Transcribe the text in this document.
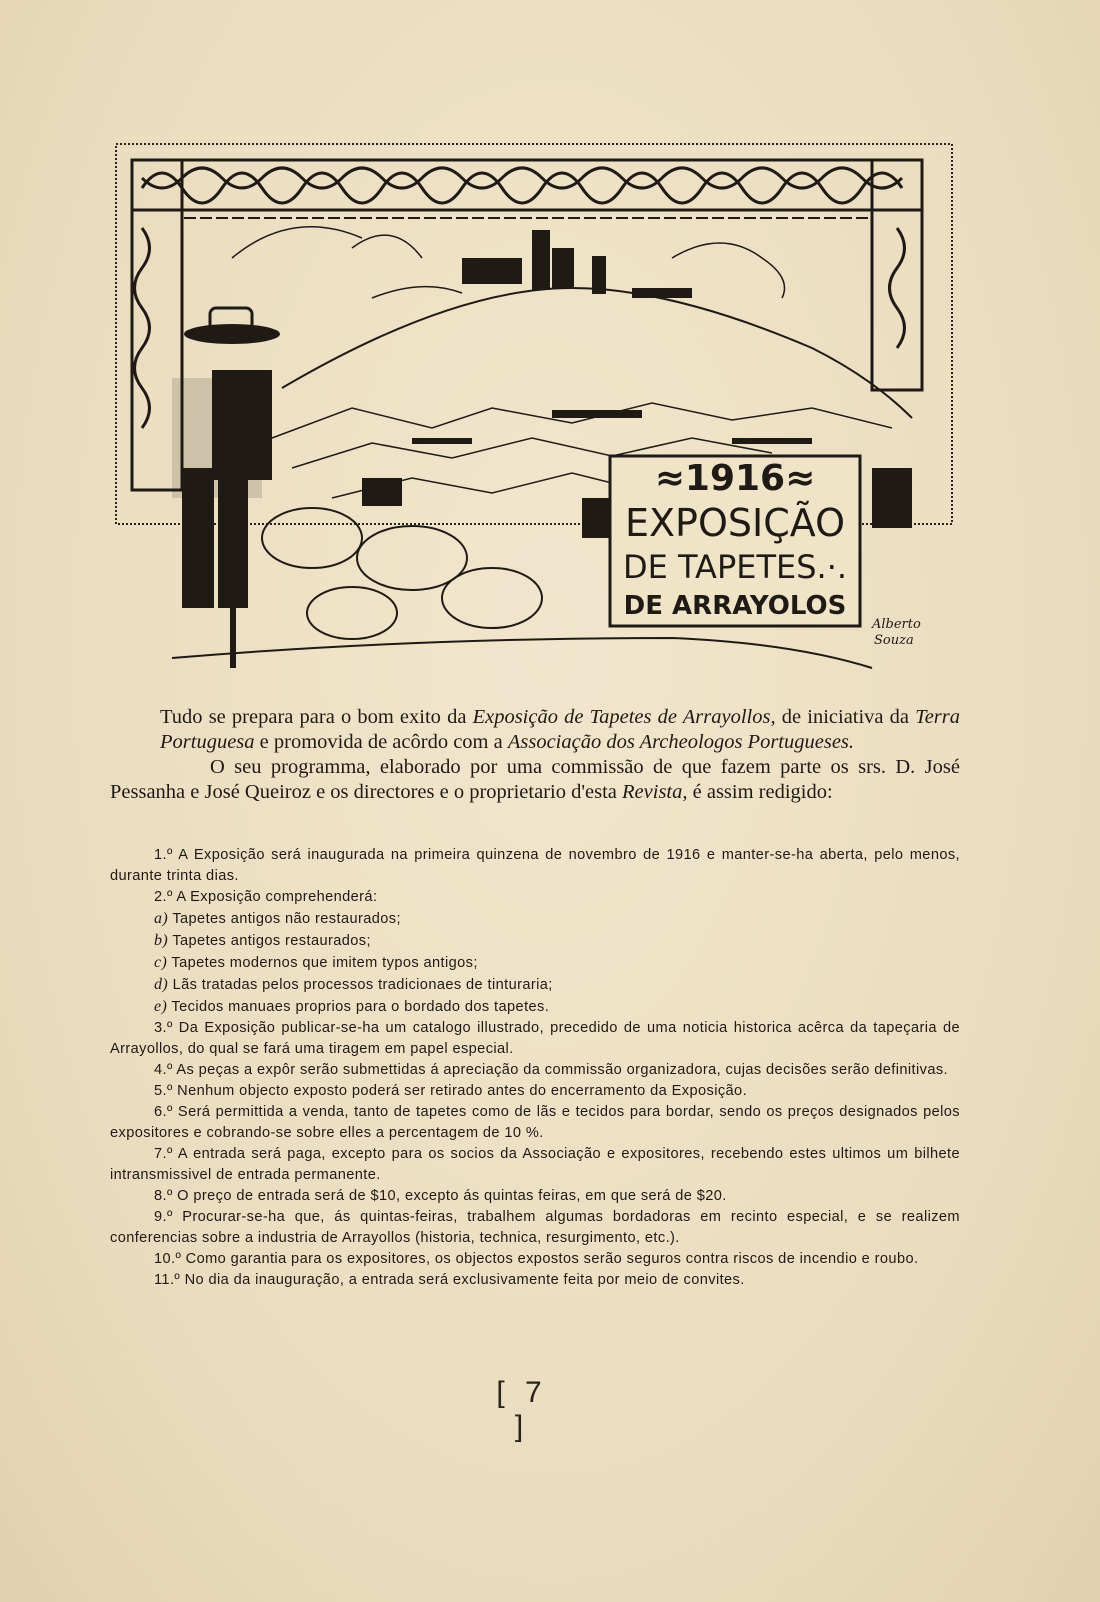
≈1916≈
EXPOSIÇÃO
DE TAPETES.·.
DE ARRAYOLOS
Alberto
Souza

Tudo se prepara para o bom exito da Exposição de Tapetes de Arrayollos, de iniciativa da Terra Portuguesa e promovida de acôrdo com a Associação dos Archeologos Portugueses.

O seu programma, elaborado por uma commissão de que fazem parte os srs. D. José Pessanha e José Queiroz e os directores e o proprietario d'esta Revista, é assim redigido:

1.º A Exposição será inaugurada na primeira quinzena de novembro de 1916 e manter-se-ha aberta, pelo menos, durante trinta dias.

2.º A Exposição comprehenderá:

a) Tapetes antigos não restaurados;

b) Tapetes antigos restaurados;

c) Tapetes modernos que imitem typos antigos;

d) Lãs tratadas pelos processos tradicionaes de tinturaria;

e) Tecidos manuaes proprios para o bordado dos tapetes.

3.º Da Exposição publicar-se-ha um catalogo illustrado, precedido de uma noticia historica acêrca da tapeçaria de Arrayollos, do qual se fará uma tiragem em papel especial.

4.º As peças a expôr serão submettidas á apreciação da commissão organizadora, cujas decisões serão definitivas.

5.º Nenhum objecto exposto poderá ser retirado antes do encerramento da Exposição.

6.º Será permittida a venda, tanto de tapetes como de lãs e tecidos para bordar, sendo os preços designados pelos expositores e cobrando-se sobre elles a percentagem de 10 %.

7.º A entrada será paga, excepto para os socios da Associação e expositores, recebendo estes ultimos um bilhete intransmissivel de entrada permanente.

8.º O preço de entrada será de $10, excepto ás quintas feiras, em que será de $20.

9.º Procurar-se-ha que, ás quintas-feiras, trabalhem algumas bordadoras em recinto especial, e se realizem conferencias sobre a industria de Arrayollos (historia, technica, resurgimento, etc.).

10.º Como garantia para os expositores, os objectos expostos serão seguros contra riscos de incendio e roubo.

11.º No dia da inauguração, a entrada será exclusivamente feita por meio de convites.

[ 7 ]
